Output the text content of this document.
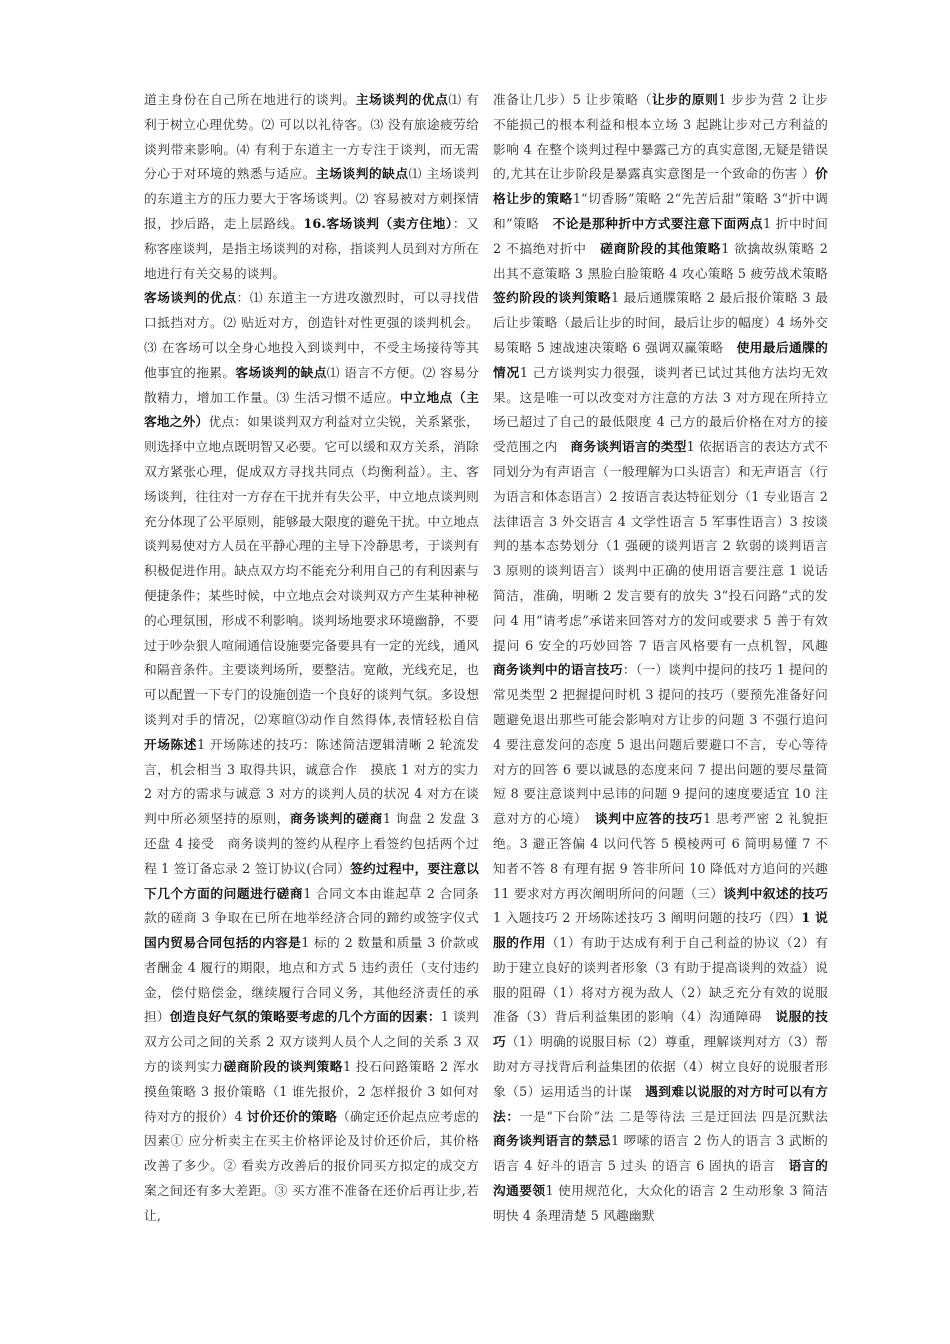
道主身份在自己所在地进行的谈判。主场谈判的优点⑴ 有利于树立心理优势。⑵ 可以以礼待客。⑶ 没有旅途疲劳给谈判带来影响。⑷ 有利于东道主一方专注于谈判，而无需分心于对环境的熟悉与适应。主场谈判的缺点⑴ 主场谈判的东道主方的压力要大于客场谈判。⑵ 容易被对方刺探情报，抄后路，走上层路线。16.客场谈判（卖方住地）：又称客座谈判，是指主场谈判的对称，指谈判人员到对方所在地进行有关交易的谈判。

客场谈判的优点：⑴ 东道主一方进攻激烈时，可以寻找借口抵挡对方。⑵ 贴近对方，创造针对性更强的谈判机会。⑶ 在客场可以全身心地投入到谈判中，不受主场接待等其他事宜的拖累。客场谈判的缺点⑴ 语言不方便。⑵ 容易分散精力，增加工作量。⑶ 生活习惯不适应。中立地点（主客地之外）优点：如果谈判双方利益对立尖锐，关系紧张，则选择中立地点既明智又必要。它可以缓和双方关系，消除双方紧张心理，促成双方寻找共同点（均衡利益）。主、客场谈判，往往对一方存在干扰并有失公平，中立地点谈判则充分体现了公平原则，能够最大限度的避免干扰。中立地点谈判易使对方人员在平静心理的主导下冷静思考，于谈判有积极促进作用。缺点双方均不能充分利用自己的有利因素与便捷条件；某些时候，中立地点会对谈判双方产生某种神秘的心理氛围，形成不利影响。谈判场地要求环境幽静，不要过于吵杂狠人喧闹通信设施要完备要具有一定的光线，通风和隔音条件。主要谈判场所，要整洁。宽敞，光线充足，也可以配置一下专门的设施创造一个良好的谈判气氛。多设想谈判对手的情况，⑵寒暄⑶动作自然得体,表情轻松自信　开场陈述1 开场陈述的技巧：陈述简洁逻辑清晰 2 轮流发言，机会相当 3 取得共识，诚意合作　摸底 1 对方的实力 2 对方的需求与诚意 3 对方的谈判人员的状况 4 对方在谈判中所必须坚持的原则，商务谈判的磋商1 询盘 2 发盘 3 还盘 4 接受　商务谈判的签约从程序上看签约包括两个过程 1 签订备忘录 2 签订协议(合同）签约过程中，要注意以下几个方面的问题进行磋商1 合同文本由谁起草 2 合同条款的磋商 3 争取在已所在地举经济合同的蹄约或签字仪式国内贸易合同包括的内容是1 标的 2 数量和质量 3 价款或者酬金 4 履行的期限，地点和方式 5 违约责任（支付违约金，偿付赔偿金，继续履行合同义务，其他经济责任的承担）创造良好气氛的策略要考虑的几个方面的因素：1 谈判双方公司之间的关系 2 双方谈判人员个人之间的关系 3 双方的谈判实力磋商阶段的谈判策略1 投石问路策略 2 浑水摸鱼策略 3 报价策略（1 谁先报价，2 怎样报价 3 如何对待对方的报价）4 讨价还价的策略（确定还价起点应考虑的因素① 应分析卖主在买主价格评论及讨价还价后，其价格改善了多少。② 看卖方改善后的报价同买方拟定的成交方案之间还有多大差距。③ 买方准不准备在还价后再让步,若让,

准备让几步）5 让步策略（让步的原则1 步步为营 2 让步不能损己的根本利益和根本立场 3 起跳让步对己方利益的影响 4 在整个谈判过程中暴露己方的真实意图,无疑是错误的,尤其在让步阶段是暴露真实意图是一个致命的伤害 ）价格让步的策略1“切香肠”策略 2“先苦后甜”策略 3“折中调和”策略　不论是那种折中方式要注意下面两点1 折中时间 2 不搞绝对折中　磋商阶段的其他策略1 欲擒故纵策略 2 出其不意策略 3 黑脸白脸策略 4 攻心策略 5 疲劳战术策略　签约阶段的谈判策略1 最后通牒策略 2 最后报价策略 3 最后让步策略（最后让步的时间，最后让步的幅度）4 场外交易策略 5 速战速决策略 6 强调双赢策略　使用最后通牒的情况1 己方谈判实力很强，谈判者已试过其他方法均无效果。这是唯一可以改变对方注意的方法 3 对方现在所持立场已超过了自己的最低限度 4 己方的最后价格在对方的接受范围之内　商务谈判语言的类型1 依据语言的表达方式不同划分为有声语言（一般理解为口头语言）和无声语言（行为语言和体态语言）2 按语言表达特征划分（1 专业语言 2 法律语言 3 外交语言 4 文学性语言 5 军事性语言）3 按谈判的基本态势划分（1 强硬的谈判语言 2 软弱的谈判语言 3 原则的谈判语言）谈判中正确的使用语言要注意 1 说话简洁，准确，明晰 2 发言要有的放失 3“投石问路”式的发问 4 用“请考虑”承诺来回答对方的发问或要求 5 善于有效提问 6 安全的巧妙回答 7 语言风格要有一点机智，风趣　商务谈判中的语言技巧：（一）谈判中提问的技巧 1 提问的常见类型 2 把握提问时机 3 提问的技巧（要预先准备好问题避免退出那些可能会影响对方让步的问题 3 不强行追问 4 要注意发问的态度 5 退出问题后要避口不言，专心等待对方的回答 6 要以诚恳的态度来问 7 提出问题的要尽量简短 8 要注意谈判中忌讳的问题 9 提问的速度要适宜 10 注意对方的心境）　谈判中应答的技巧1 思考严密 2 礼貌拒绝。3 避正答偏 4 以问代答 5 模棱两可 6 简明易懂 7 不知者不答 8 有理有据 9 答非所问 10 降低对方追问的兴趣 11 要求对方再次阐明所问的问题（三）谈判中叙述的技巧1 入题技巧 2 开场陈述技巧 3 阐明问题的技巧（四）1 说服的作用（1）有助于达成有利于自己利益的协议（2）有助于建立良好的谈判者形象（3 有助于提高谈判的效益）说服的阻碍（1）将对方视为敌人（2）缺乏充分有效的说服准备（3）背后利益集团的影响（4）沟通障碍　说服的技巧（1）明确的说服目标（2）尊重，理解谈判对方（3）帮助对方寻找背后利益集团的依据（4）树立良好的说服者形象（5）运用适当的计谋　遇到难以说服的对方时可以有方法：一是“下台阶”法 二是等待法 三是迂回法 四是沉默法　商务谈判语言的禁忌1 啰嗦的语言 2 伤人的语言 3 武断的语言 4 好斗的语言 5 过头 的语言 6 固执的语言　语言的沟通要领1 使用规范化，大众化的语言 2 生动形象 3 简洁明快 4 条理清楚 5 风趣幽默
